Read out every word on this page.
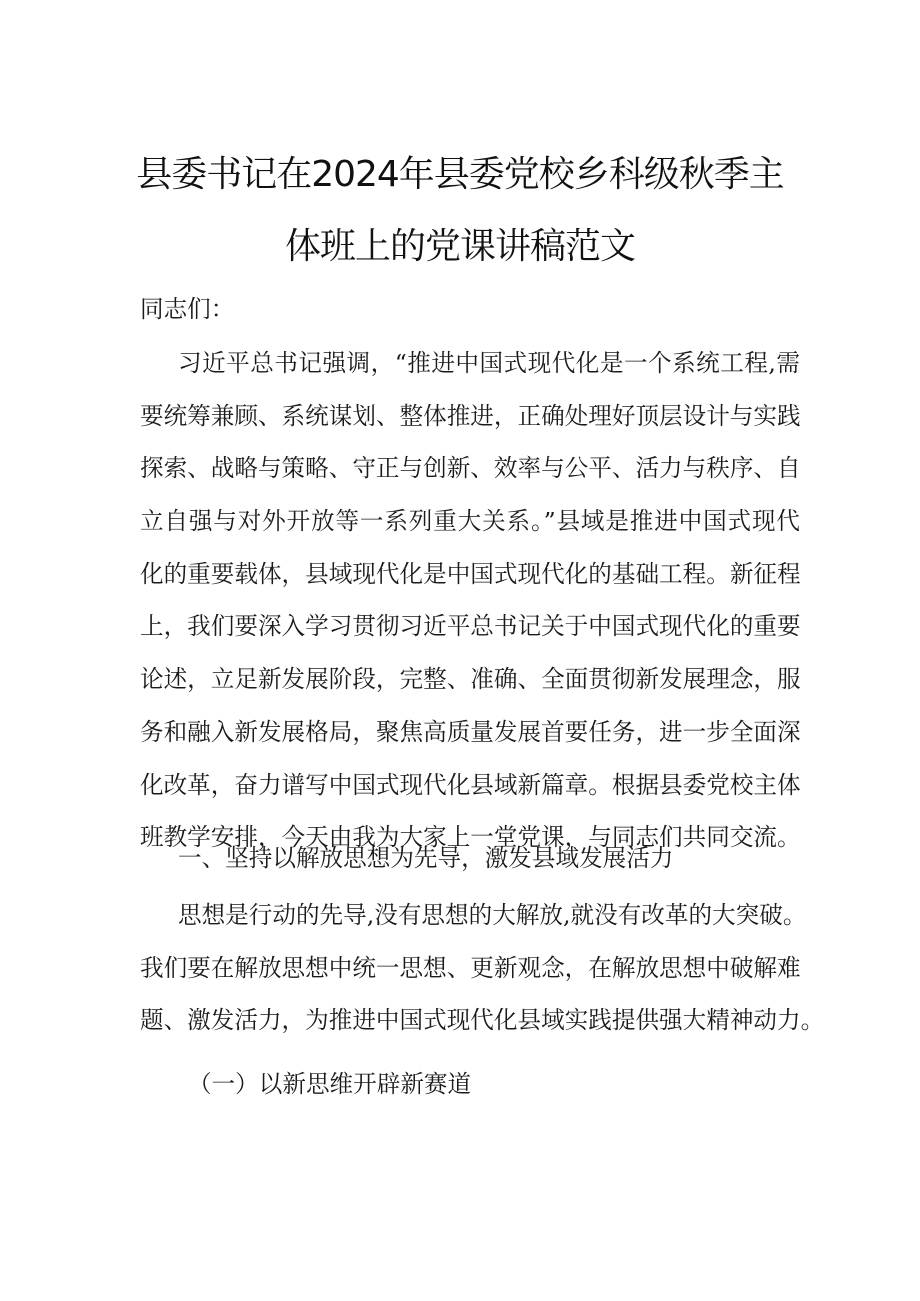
县委书记在2024年县委党校乡科级秋季主
体班上的党课讲稿范文

同志们：

习近平总书记强调，“推进中国式现代化是一个系统工程,需
要统筹兼顾、系统谋划、整体推进，正确处理好顶层设计与实践
探索、战略与策略、守正与创新、效率与公平、活力与秩序、自
立自强与对外开放等一系列重大关系。”县域是推进中国式现代
化的重要载体，县域现代化是中国式现代化的基础工程。新征程
上，我们要深入学习贯彻习近平总书记关于中国式现代化的重要
论述，立足新发展阶段，完整、准确、全面贯彻新发展理念，服
务和融入新发展格局，聚焦高质量发展首要任务，进一步全面深
化改革，奋力谱写中国式现代化县域新篇章。根据县委党校主体
班教学安排，今天由我为大家上一堂党课，与同志们共同交流。

一、坚持以解放思想为先导，激发县域发展活力

思想是行动的先导,没有思想的大解放,就没有改革的大突破。
我们要在解放思想中统一思想、更新观念，在解放思想中破解难
题、激发活力，为推进中国式现代化县域实践提供强大精神动力。

（一）以新思维开辟新赛道
